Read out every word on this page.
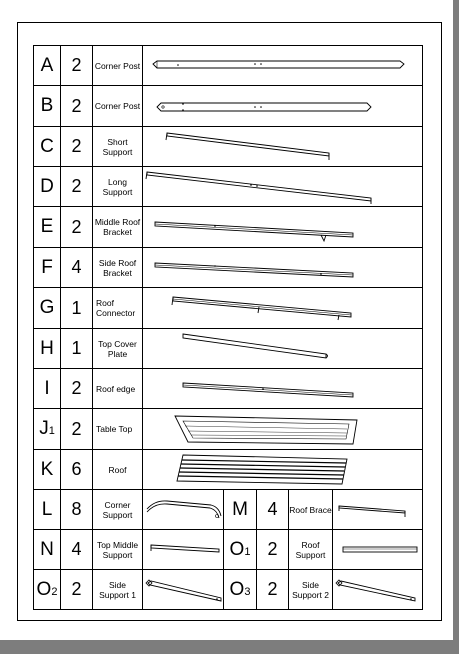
A	2	Corner Post	

B	2	Corner Post	

C	2	Short Support	

D	2	Long Support	

E	2	Middle Roof Bracket	

F	4	Side Roof Bracket	

G	1	Roof Connector	

H	1	Top Cover Plate	

I	2	Roof edge	

J1	2	Table Top	

K	6	Roof	

L	8	Corner Support		M	4	Roof Brace	

N	4	Top Middle Support		O1	2	Roof Support	

O2	2	Side Support 1		O3	2	Side Support 2	
